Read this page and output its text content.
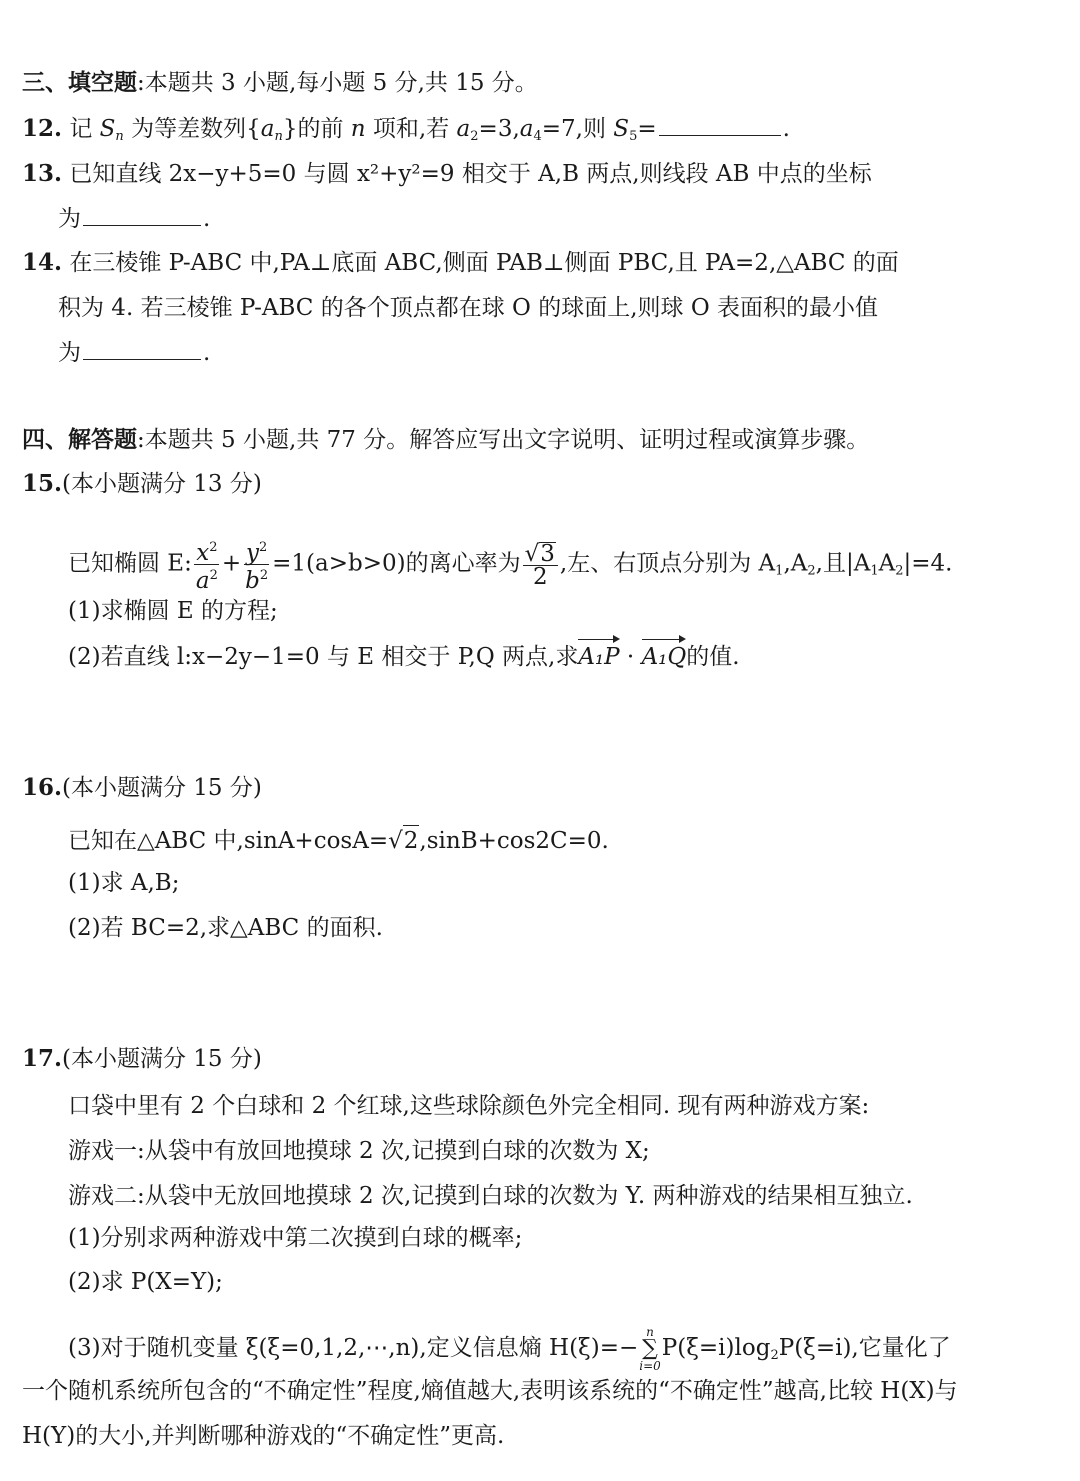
三、填空题:本题共 3 小题,每小题 5 分,共 15 分。
12. 记 $S_n$ 为等差数列$\{a_n\}$的前 n 项和,若 $a_2=3,a_4=7$,则 $S_5=$	.
13. 已知直线 2x−y+5=0 与圆 x²+y²=9 相交于 A,B 两点,则线段 AB 中点的坐标
为	.
14. 在三棱锥 P-ABC 中,PA⊥底面 ABC,侧面 PAB⊥侧面 PBC,且 PA=2,△ABC 的面
积为 4. 若三棱锥 P-ABC 的各个顶点都在球 O 的球面上,则球 O 表面积的最小值
为	.
四、解答题:本题共 5 小题,共 77 分。解答应写出文字说明、证明过程或演算步骤。
15.(本小题满分 13 分)
已知椭圆 E: $\frac{x^2}{a^2} + \frac{y^2}{b^2} =1(a>b>0)$的离心率为 $\frac{√3}{2}$ ,左、右顶点分别为 $A_1,A_2$,且$|A_1A_2|=4$.
(1)求椭圆 E 的方程;
(2)若直线 l:x−2y−1=0 与 E 相交于 P,Q 两点,求A₁P · A₁Q的值.
16.(本小题满分 15 分)
已知在△ABC 中,sinA+cosA=√2,sinB+cos2C=0.
(1)求 A,B;
(2)若 BC=2,求△ABC 的面积.
17.(本小题满分 15 分)
口袋中里有 2 个白球和 2 个红球,这些球除颜色外完全相同. 现有两种游戏方案:
游戏一:从袋中有放回地摸球 2 次,记摸到白球的次数为 X;
游戏二:从袋中无放回地摸球 2 次,记摸到白球的次数为 Y. 两种游戏的结果相互独立.
(1)分别求两种游戏中第二次摸到白球的概率;
(2)求 P(X=Y);
(3)对于随机变量 ξ(ξ=0,1,2,⋯,n),定义信息熵 H(ξ)=−
n
∑
i=0
$P(\xi=i)\log_2P(\xi=i)$,它量化了
一个随机系统所包含的“不确定性”程度,熵值越大,表明该系统的“不确定性”越高,比较 H(X)与
H(Y)的大小,并判断哪种游戏的“不确定性”更高.
